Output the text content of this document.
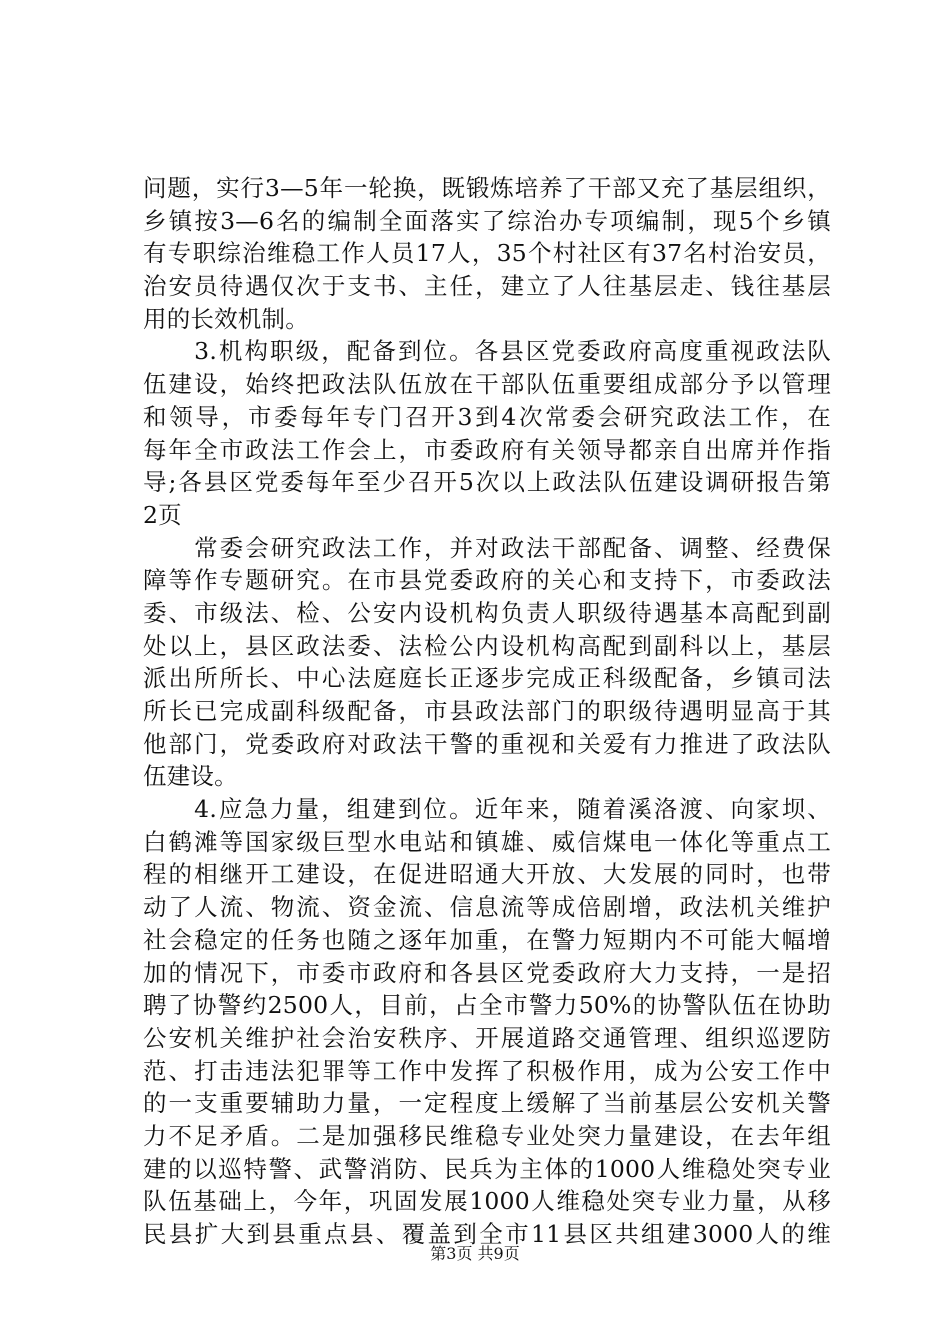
问题，实行3—5年一轮换，既锻炼培养了干部又充了基层组织，
乡镇按3—6名的编制全面落实了综治办专项编制，现5个乡镇
有专职综治维稳工作人员17人，35个村社区有37名村治安员，
治安员待遇仅次于支书、主任，建立了人往基层走、钱往基层
用的长效机制。
　　3.机构职级，配备到位。各县区党委政府高度重视政法队
伍建设，始终把政法队伍放在干部队伍重要组成部分予以管理
和领导，市委每年专门召开3到4次常委会研究政法工作，在
每年全市政法工作会上，市委政府有关领导都亲自出席并作指
导;各县区党委每年至少召开5次以上政法队伍建设调研报告第
2页
　　常委会研究政法工作，并对政法干部配备、调整、经费保
障等作专题研究。在市县党委政府的关心和支持下，市委政法
委、市级法、检、公安内设机构负责人职级待遇基本高配到副
处以上，县区政法委、法检公内设机构高配到副科以上，基层
派出所所长、中心法庭庭长正逐步完成正科级配备，乡镇司法
所长已完成副科级配备，市县政法部门的职级待遇明显高于其
他部门，党委政府对政法干警的重视和关爱有力推进了政法队
伍建设。
　　4.应急力量，组建到位。近年来，随着溪洛渡、向家坝、
白鹤滩等国家级巨型水电站和镇雄、威信煤电一体化等重点工
程的相继开工建设，在促进昭通大开放、大发展的同时，也带
动了人流、物流、资金流、信息流等成倍剧增，政法机关维护
社会稳定的任务也随之逐年加重，在警力短期内不可能大幅增
加的情况下，市委市政府和各县区党委政府大力支持，一是招
聘了协警约2500人，目前，占全市警力50%的协警队伍在协助
公安机关维护社会治安秩序、开展道路交通管理、组织巡逻防
范、打击违法犯罪等工作中发挥了积极作用，成为公安工作中
的一支重要辅助力量，一定程度上缓解了当前基层公安机关警
力不足矛盾。二是加强移民维稳专业处突力量建设，在去年组
建的以巡特警、武警消防、民兵为主体的1000人维稳处突专业
队伍基础上，今年，巩固发展1000人维稳处突专业力量，从移
民县扩大到县重点县、覆盖到全市11县区共组建3000人的维
第3页 共9页
